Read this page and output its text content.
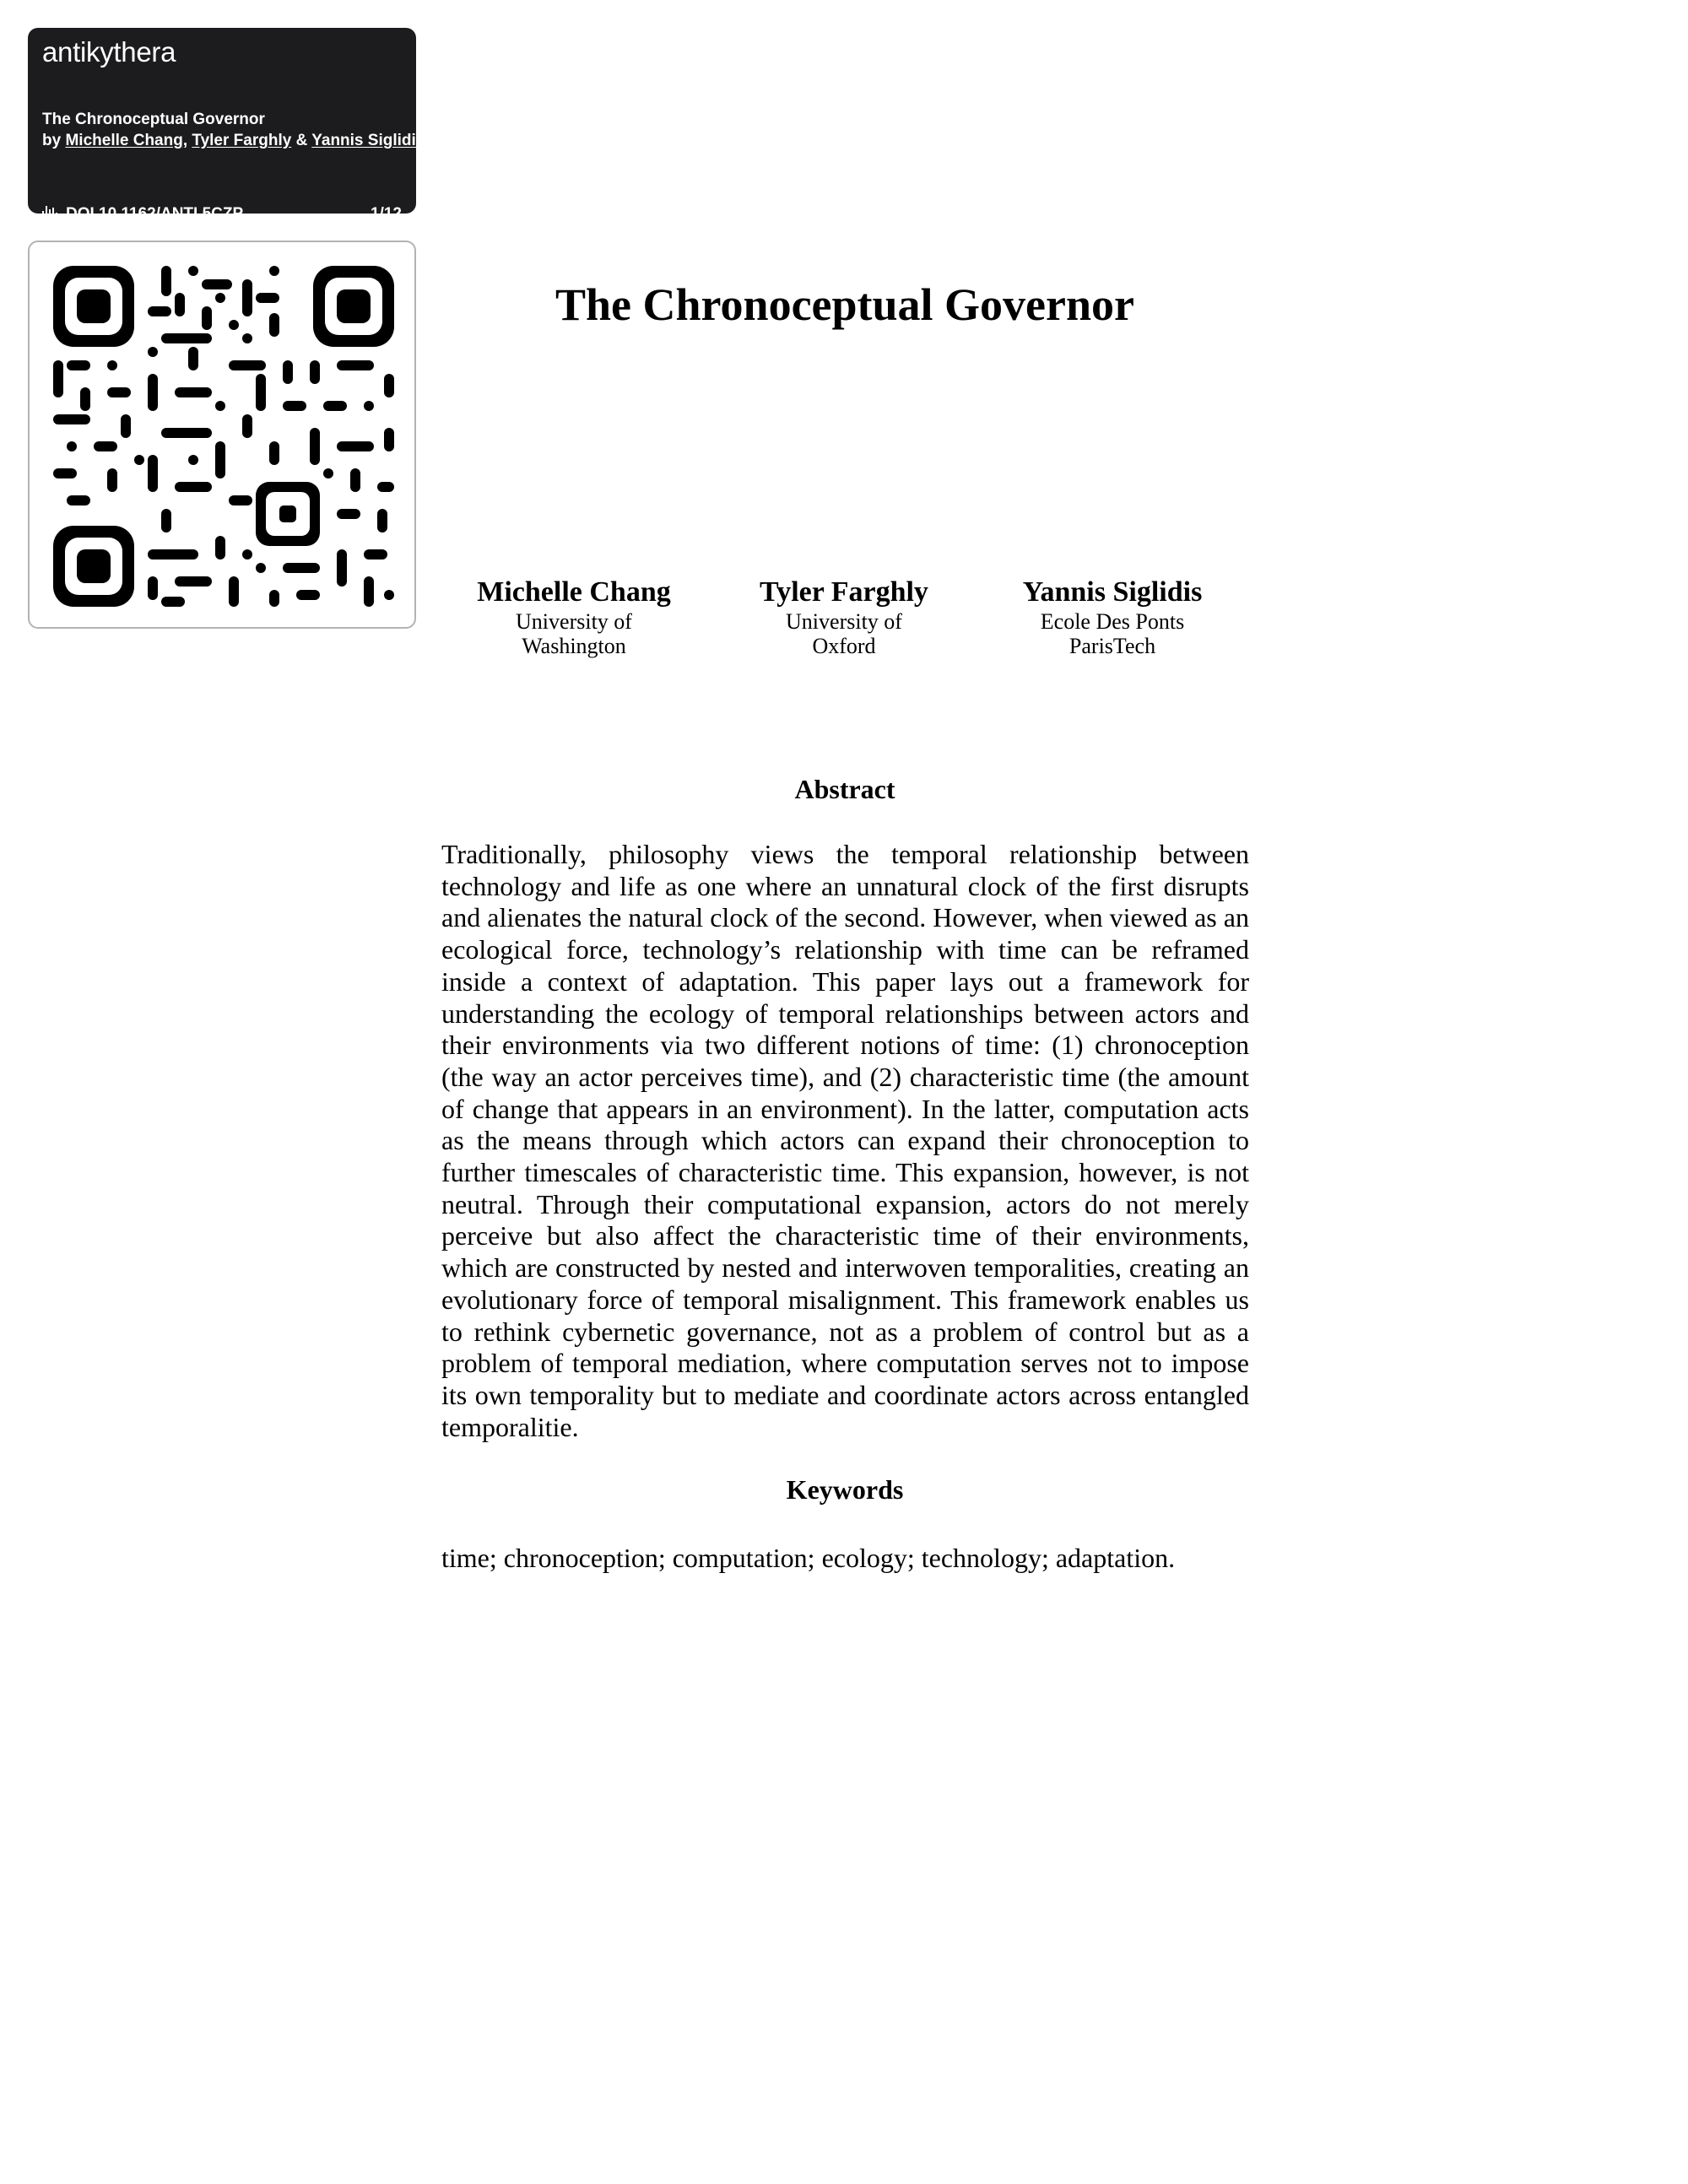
antikythera
The Chronoceptual Governor
by Michelle Chang, Tyler Farghly & Yannis Siglidis
DOI 10.1162/ANTI.5CZP	1/12
The Chronoceptual Governor
Michelle Chang
University of Washington
Tyler Farghly
University of Oxford
Yannis Siglidis
Ecole Des Ponts ParisTech
Abstract

Traditionally, philosophy views the temporal relationship between technology and life as one where an unnatural clock of the first disrupts and alienates the natural clock of the second. However, when viewed as an ecological force, technology’s relationship with time can be reframed inside a context of adaptation. This paper lays out a framework for understanding the ecology of temporal relationships between actors and their environments via two different notions of time: (1) chronoception (the way an actor perceives time), and (2) characteristic time (the amount of change that appears in an environment). In the latter, computation acts as the means through which actors can expand their chronoception to further timescales of characteristic time. This expansion, however, is not neutral. Through their computational expansion, actors do not merely perceive but also affect the characteristic time of their environments, which are constructed by nested and interwoven temporalities, creating an evolutionary force of temporal misalignment. This framework enables us to rethink cybernetic governance, not as a problem of control but as a problem of temporal mediation, where computation serves not to impose its own temporality but to mediate and coordinate actors across entangled temporalitie.

Keywords

time; chronoception; computation; ecology; technology; adaptation.
